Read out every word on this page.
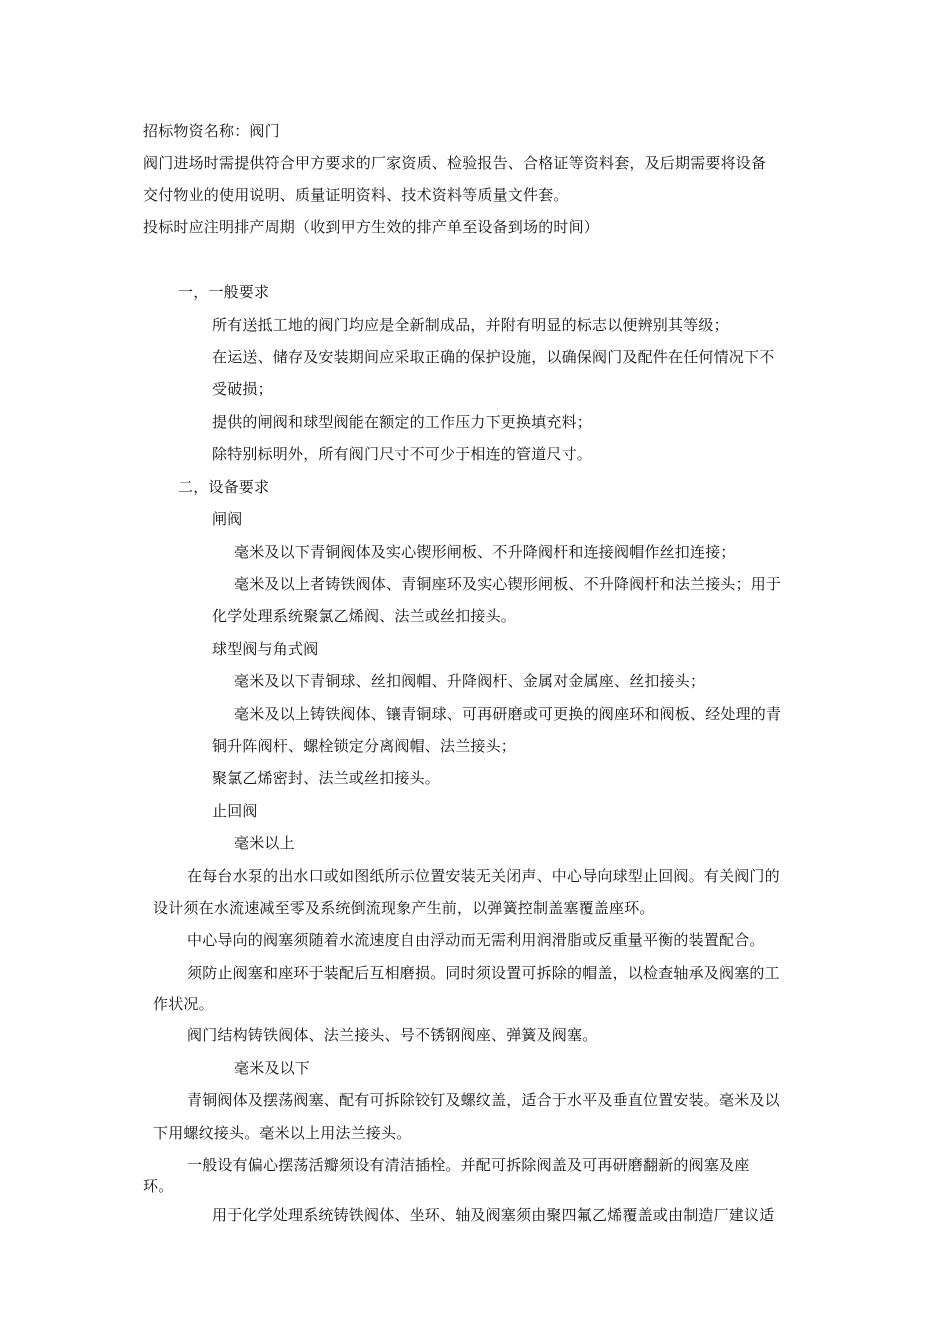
招标物资名称：阀门
阀门进场时需提供符合甲方要求的厂家资质、检验报告、合格证等资料套，及后期需要将设备
交付物业的使用说明、质量证明资料、技术资料等质量文件套。
投标时应注明排产周期（收到甲方生效的排产单至设备到场的时间）
一，一般要求
所有送抵工地的阀门均应是全新制成品，并附有明显的标志以便辨别其等级；
在运送、储存及安装期间应采取正确的保护设施，以确保阀门及配件在任何情况下不
受破损；
提供的闸阀和球型阀能在额定的工作压力下更换填充料；
除特别标明外，所有阀门尺寸不可少于相连的管道尺寸。
二，设备要求
闸阀
毫米及以下青铜阀体及实心锲形闸板、不升降阀杆和连接阀帽作丝扣连接；
毫米及以上者铸铁阀体、青铜座环及实心锲形闸板、不升降阀杆和法兰接头；用于
化学处理系统聚氯乙烯阀、法兰或丝扣接头。
球型阀与角式阀
毫米及以下青铜球、丝扣阀帽、升降阀杆、金属对金属座、丝扣接头；
毫米及以上铸铁阀体、镶青铜球、可再研磨或可更换的阀座环和阀板、经处理的青
铜升阵阀杆、螺栓锁定分离阀帽、法兰接头；
聚氯乙烯密封、法兰或丝扣接头。
止回阀
毫米以上
在每台水泵的出水口或如图纸所示位置安装无关闭声、中心导向球型止回阀。有关阀门的
设计须在水流速减至零及系统倒流现象产生前，以弹簧控制盖塞覆盖座环。
中心导向的阀塞须随着水流速度自由浮动而无需利用润滑脂或反重量平衡的装置配合。
须防止阀塞和座环于装配后互相磨损。同时须设置可拆除的帽盖，以检查轴承及阀塞的工
作状况。
阀门结构铸铁阀体、法兰接头、号不锈钢阀座、弹簧及阀塞。
毫米及以下
青铜阀体及摆荡阀塞、配有可拆除铰钉及螺纹盖，适合于水平及垂直位置安装。毫米及以
下用螺纹接头。毫米以上用法兰接头。
一般设有偏心摆荡活瓣须设有清洁插栓。并配可拆除阀盖及可再研磨翻新的阀塞及座
环。
用于化学处理系统铸铁阀体、坐环、轴及阀塞须由聚四氟乙烯覆盖或由制造厂建议适
